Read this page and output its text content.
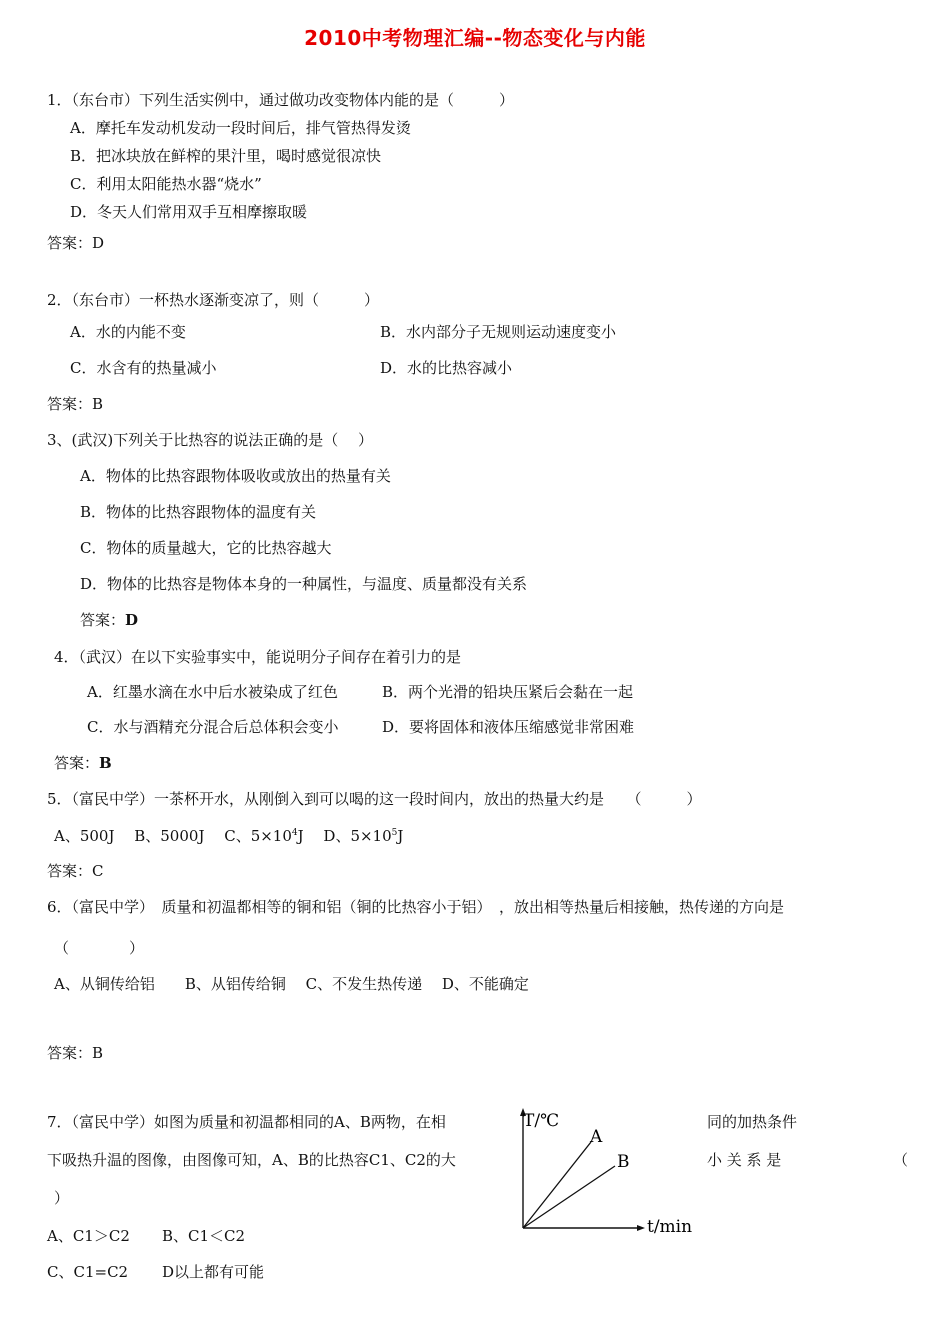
2010中考物理汇编--物态变化与内能
1．（东台市）下列生活实例中，通过做功改变物体内能的是（　　　）
A．摩托车发动机发动一段时间后，排气管热得发烫
B．把冰块放在鲜榨的果汁里，喝时感觉很凉快
C．利用太阳能热水器“烧水”
D．冬天人们常用双手互相摩擦取暖
答案：D
2．（东台市）一杯热水逐渐变凉了，则（　　　）
A．水的内能不变	B．水内部分子无规则运动速度变小
C．水含有的热量减小	D．水的比热容减小
答案：B
3、(武汉)下列关于比热容的说法正确的是（　 ）
A．物体的比热容跟物体吸收或放出的热量有关
B．物体的比热容跟物体的温度有关
C．物体的质量越大，它的比热容越大
D．物体的比热容是物体本身的一种属性，与温度、质量都没有关系
答案：D
4．（武汉）在以下实验事实中，能说明分子间存在着引力的是
A．红墨水滴在水中后水被染成了红色	B．两个光滑的铅块压紧后会黏在一起
C．水与酒精充分混合后总体积会变小	D．要将固体和液体压缩感觉非常困难
答案：B
5．（富民中学）一茶杯开水，从刚倒入到可以喝的这一段时间内，放出的热量大约是　　（　　　）
A、500J　 B、5000J　 C、$5\times 10^4J$　 D、$5\times 10^5J$
答案：C
6．（富民中学）　质量和初温都相等的铜和铝（铜的比热容小于铝）　，放出相等热量后相接触，热传递的方向是
（　　　　）
A、从铜传给铝　　B、从铝传给铜　 C、不发生热传递　 D、不能确定
答案：B
7．（富民中学）如图为质量和初温都相同的A、B两物，在相	同的加热条件
下吸热升温的图像，由图像可知，A、B的比热容C1、C2的大	小 关 系 是	（
）
A、C1＞C2 B、C1＜C2
C、C1=C2 D以上都有可能
T/℃
t/min
A
B
